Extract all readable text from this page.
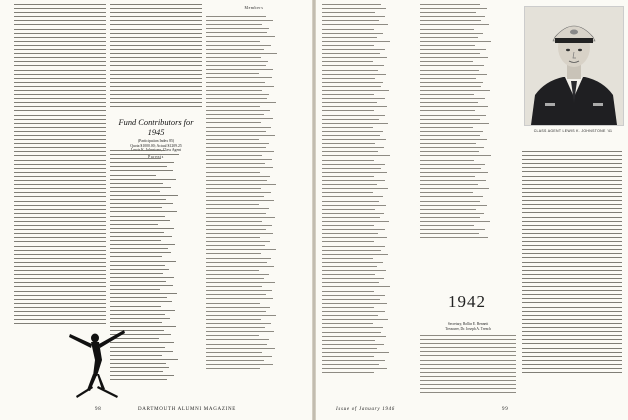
Fund Contributors for 1945
(Participation Index 85)
Quota $1000.00; Actual $1209.25
Lewis K. Johnstone, Class Agent
Parents
Members
98	DARTMOUTH ALUMNI MAGAZINE
1942
Secretary, Rollin E. Bennett
Treasurer, Dr. Joseph A. Trench
CLASS AGENT LEWIS K. JOHNSTONE '41
Issue of January 1946	99
